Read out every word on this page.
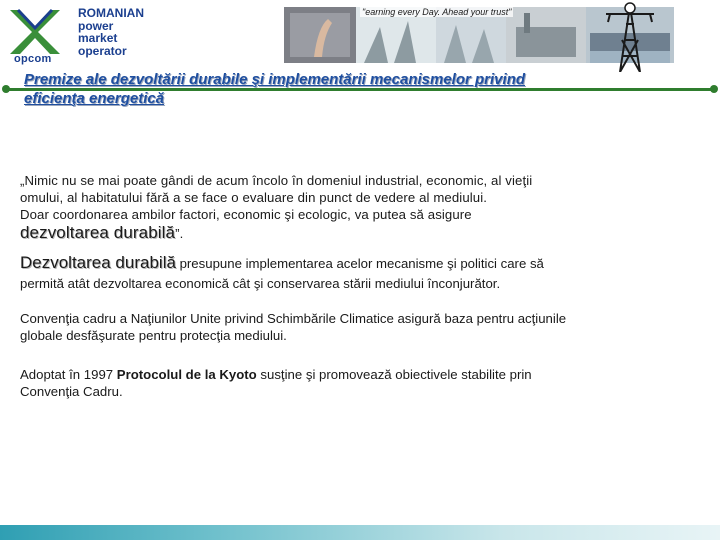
opcom
ROMANIAN
power
market
operator
"earning every Day. Ahead your trust"
Premize ale dezvoltării durabile şi implementării mecanismelor privind
eficienţa energetică
„Nimic nu se mai poate gândi de acum încolo în domeniul industrial, economic, al vieţii
omului, al habitatului fără a se face o evaluare din punct de vedere al mediului.
Doar coordonarea ambilor factori, economic şi ecologic, va putea să asigure
dezvoltarea durabilă”.
Dezvoltarea durabilă presupune implementarea acelor mecanisme şi politici care să
permită atât dezvoltarea economică cât şi conservarea stării mediului înconjurător.
Convenţia cadru a Naţiunilor Unite privind Schimbările Climatice asigură baza pentru acţiunile
globale desfăşurate pentru protecţia mediului.
Adoptat în 1997 Protocolul de la Kyoto susţine şi promovează obiectivele stabilite prin
Convenţia Cadru.
